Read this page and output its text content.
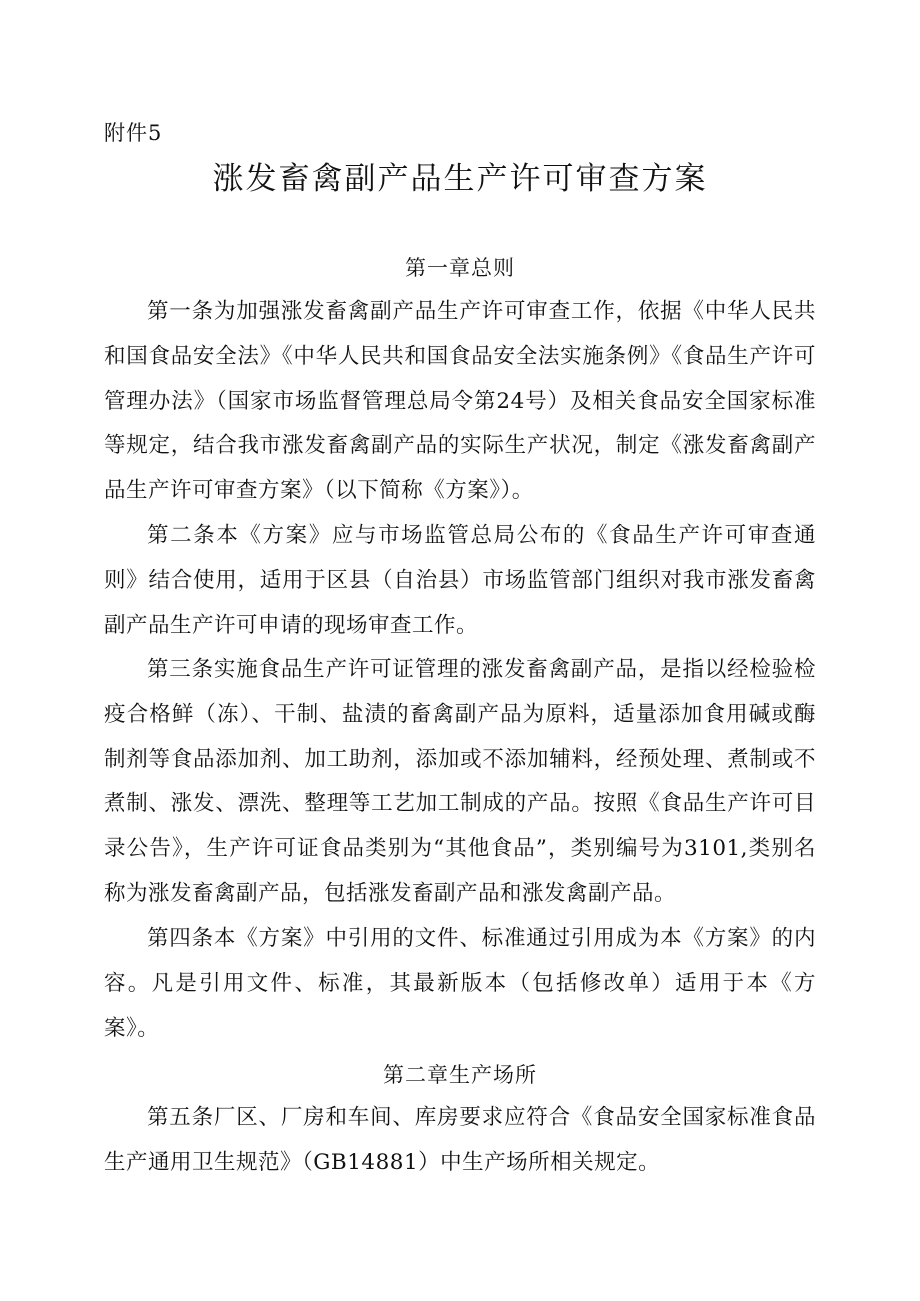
附件5
涨发畜禽副产品生产许可审查方案
第一章总则

第一条为加强涨发畜禽副产品生产许可审查工作，依据《中华人民共和国食品安全法》《中华人民共和国食品安全法实施条例》《食品生产许可管理办法》（国家市场监督管理总局令第24号）及相关食品安全国家标准等规定，结合我市涨发畜禽副产品的实际生产状况，制定《涨发畜禽副产品生产许可审查方案》（以下简称《方案》）。

第二条本《方案》应与市场监管总局公布的《食品生产许可审查通则》结合使用，适用于区县（自治县）市场监管部门组织对我市涨发畜禽副产品生产许可申请的现场审查工作。

第三条实施食品生产许可证管理的涨发畜禽副产品，是指以经检验检疫合格鲜（冻）、干制、盐渍的畜禽副产品为原料，适量添加食用碱或酶制剂等食品添加剂、加工助剂，添加或不添加辅料，经预处理、煮制或不煮制、涨发、漂洗、整理等工艺加工制成的产品。按照《食品生产许可目录公告》，生产许可证食品类别为“其他食品”，类别编号为3101,类别名称为涨发畜禽副产品，包括涨发畜副产品和涨发禽副产品。

第四条本《方案》中引用的文件、标准通过引用成为本《方案》的内容。凡是引用文件、标准，其最新版本（包括修改单）适用于本《方案》。

第二章生产场所

第五条厂区、厂房和车间、库房要求应符合《食品安全国家标准食品生产通用卫生规范》（GB14881）中生产场所相关规定。
